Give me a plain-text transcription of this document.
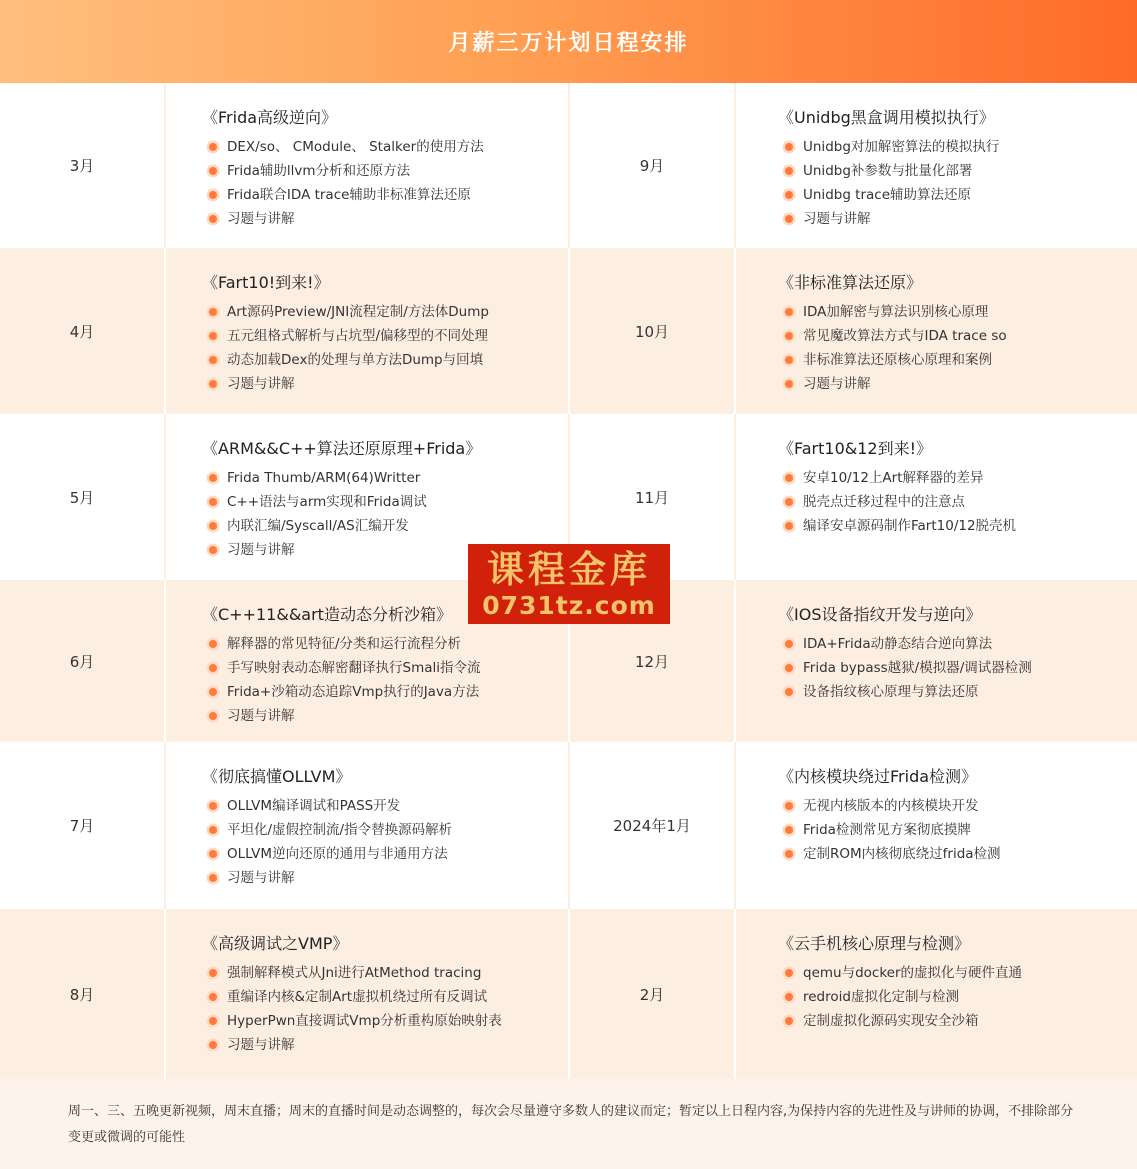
月薪三万计划日程安排
3月
《Frida高级逆向》
DEX/so、 CModule、 Stalker的使用方法
Frida辅助llvm分析和还原方法
Frida联合IDA trace辅助非标准算法还原
习题与讲解
9月
《Unidbg黑盒调用模拟执行》
Unidbg对加解密算法的模拟执行
Unidbg补参数与批量化部署
Unidbg trace辅助算法还原
习题与讲解
4月
《Fart10!到来!》
Art源码Preview/JNI流程定制/方法体Dump
五元组格式解析与占坑型/偏移型的不同处理
动态加载Dex的处理与单方法Dump与回填
习题与讲解
10月
《非标准算法还原》
IDA加解密与算法识别核心原理
常见魔改算法方式与IDA trace so
非标准算法还原核心原理和案例
习题与讲解
5月
《ARM&&C++算法还原原理+Frida》
Frida Thumb/ARM(64)Writter
C++语法与arm实现和Frida调试
内联汇编/Syscall/AS汇编开发
习题与讲解
11月
《Fart10&12到来!》
安卓10/12上Art解释器的差异
脱壳点迁移过程中的注意点
编译安卓源码制作Fart10/12脱壳机
6月
《C++11&&art造动态分析沙箱》
解释器的常见特征/分类和运行流程分析
手写映射表动态解密翻译执行Smali指令流
Frida+沙箱动态追踪Vmp执行的Java方法
习题与讲解
12月
《IOS设备指纹开发与逆向》
IDA+Frida动静态结合逆向算法
Frida bypass越狱/模拟器/调试器检测
设备指纹核心原理与算法还原
7月
《彻底搞懂OLLVM》
OLLVM编译调试和PASS开发
平坦化/虚假控制流/指令替换源码解析
OLLVM逆向还原的通用与非通用方法
习题与讲解
2024年1月
《内核模块绕过Frida检测》
无视内核版本的内核模块开发
Frida检测常见方案彻底摸牌
定制ROM内核彻底绕过frida检测
8月
《高级调试之VMP》
强制解释模式从Jni进行AtMethod tracing
重编译内核&定制Art虚拟机绕过所有反调试
HyperPwn直接调试Vmp分析重构原始映射表
习题与讲解
2月
《云手机核心原理与检测》
qemu与docker的虚拟化与硬件直通
redroid虚拟化定制与检测
定制虚拟化源码实现安全沙箱
周一、三、五晚更新视频，周末直播；周末的直播时间是动态调整的，每次会尽量遵守多数人的建议而定；暂定以上日程内容,为保持内容的先进性及与讲师的协调，不排除部分变更或微调的可能性
课程金库
0731tz.com
